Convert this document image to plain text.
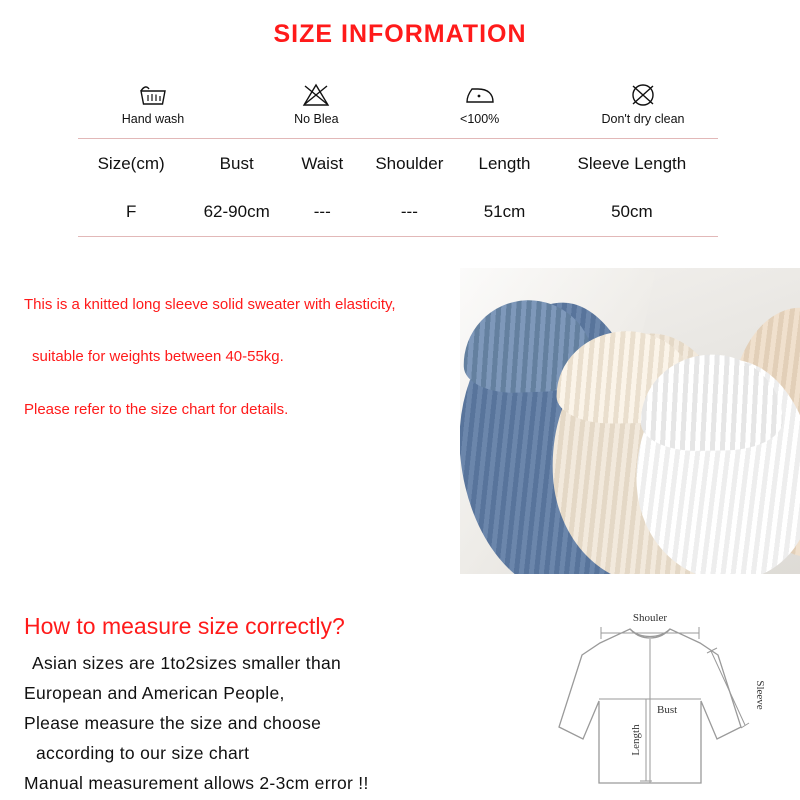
SIZE INFORMATION
Hand wash	No Blea	<100%	Don't dry clean
Size(cm)	Bust	Waist	Shoulder	Length	Sleeve Length
F	62-90cm	---	---	51cm	50cm

This is a knitted long sleeve solid sweater with elasticity,

suitable for weights between 40-55kg.

Please refer to the size chart for details.

How to measure size correctly?
Asian sizes are 1to2sizes smaller than
European and American People,
Please measure the size and choose
according to our size chart
Manual measurement allows 2-3cm error !!
Shouler
Bust
Length
Sleeve
